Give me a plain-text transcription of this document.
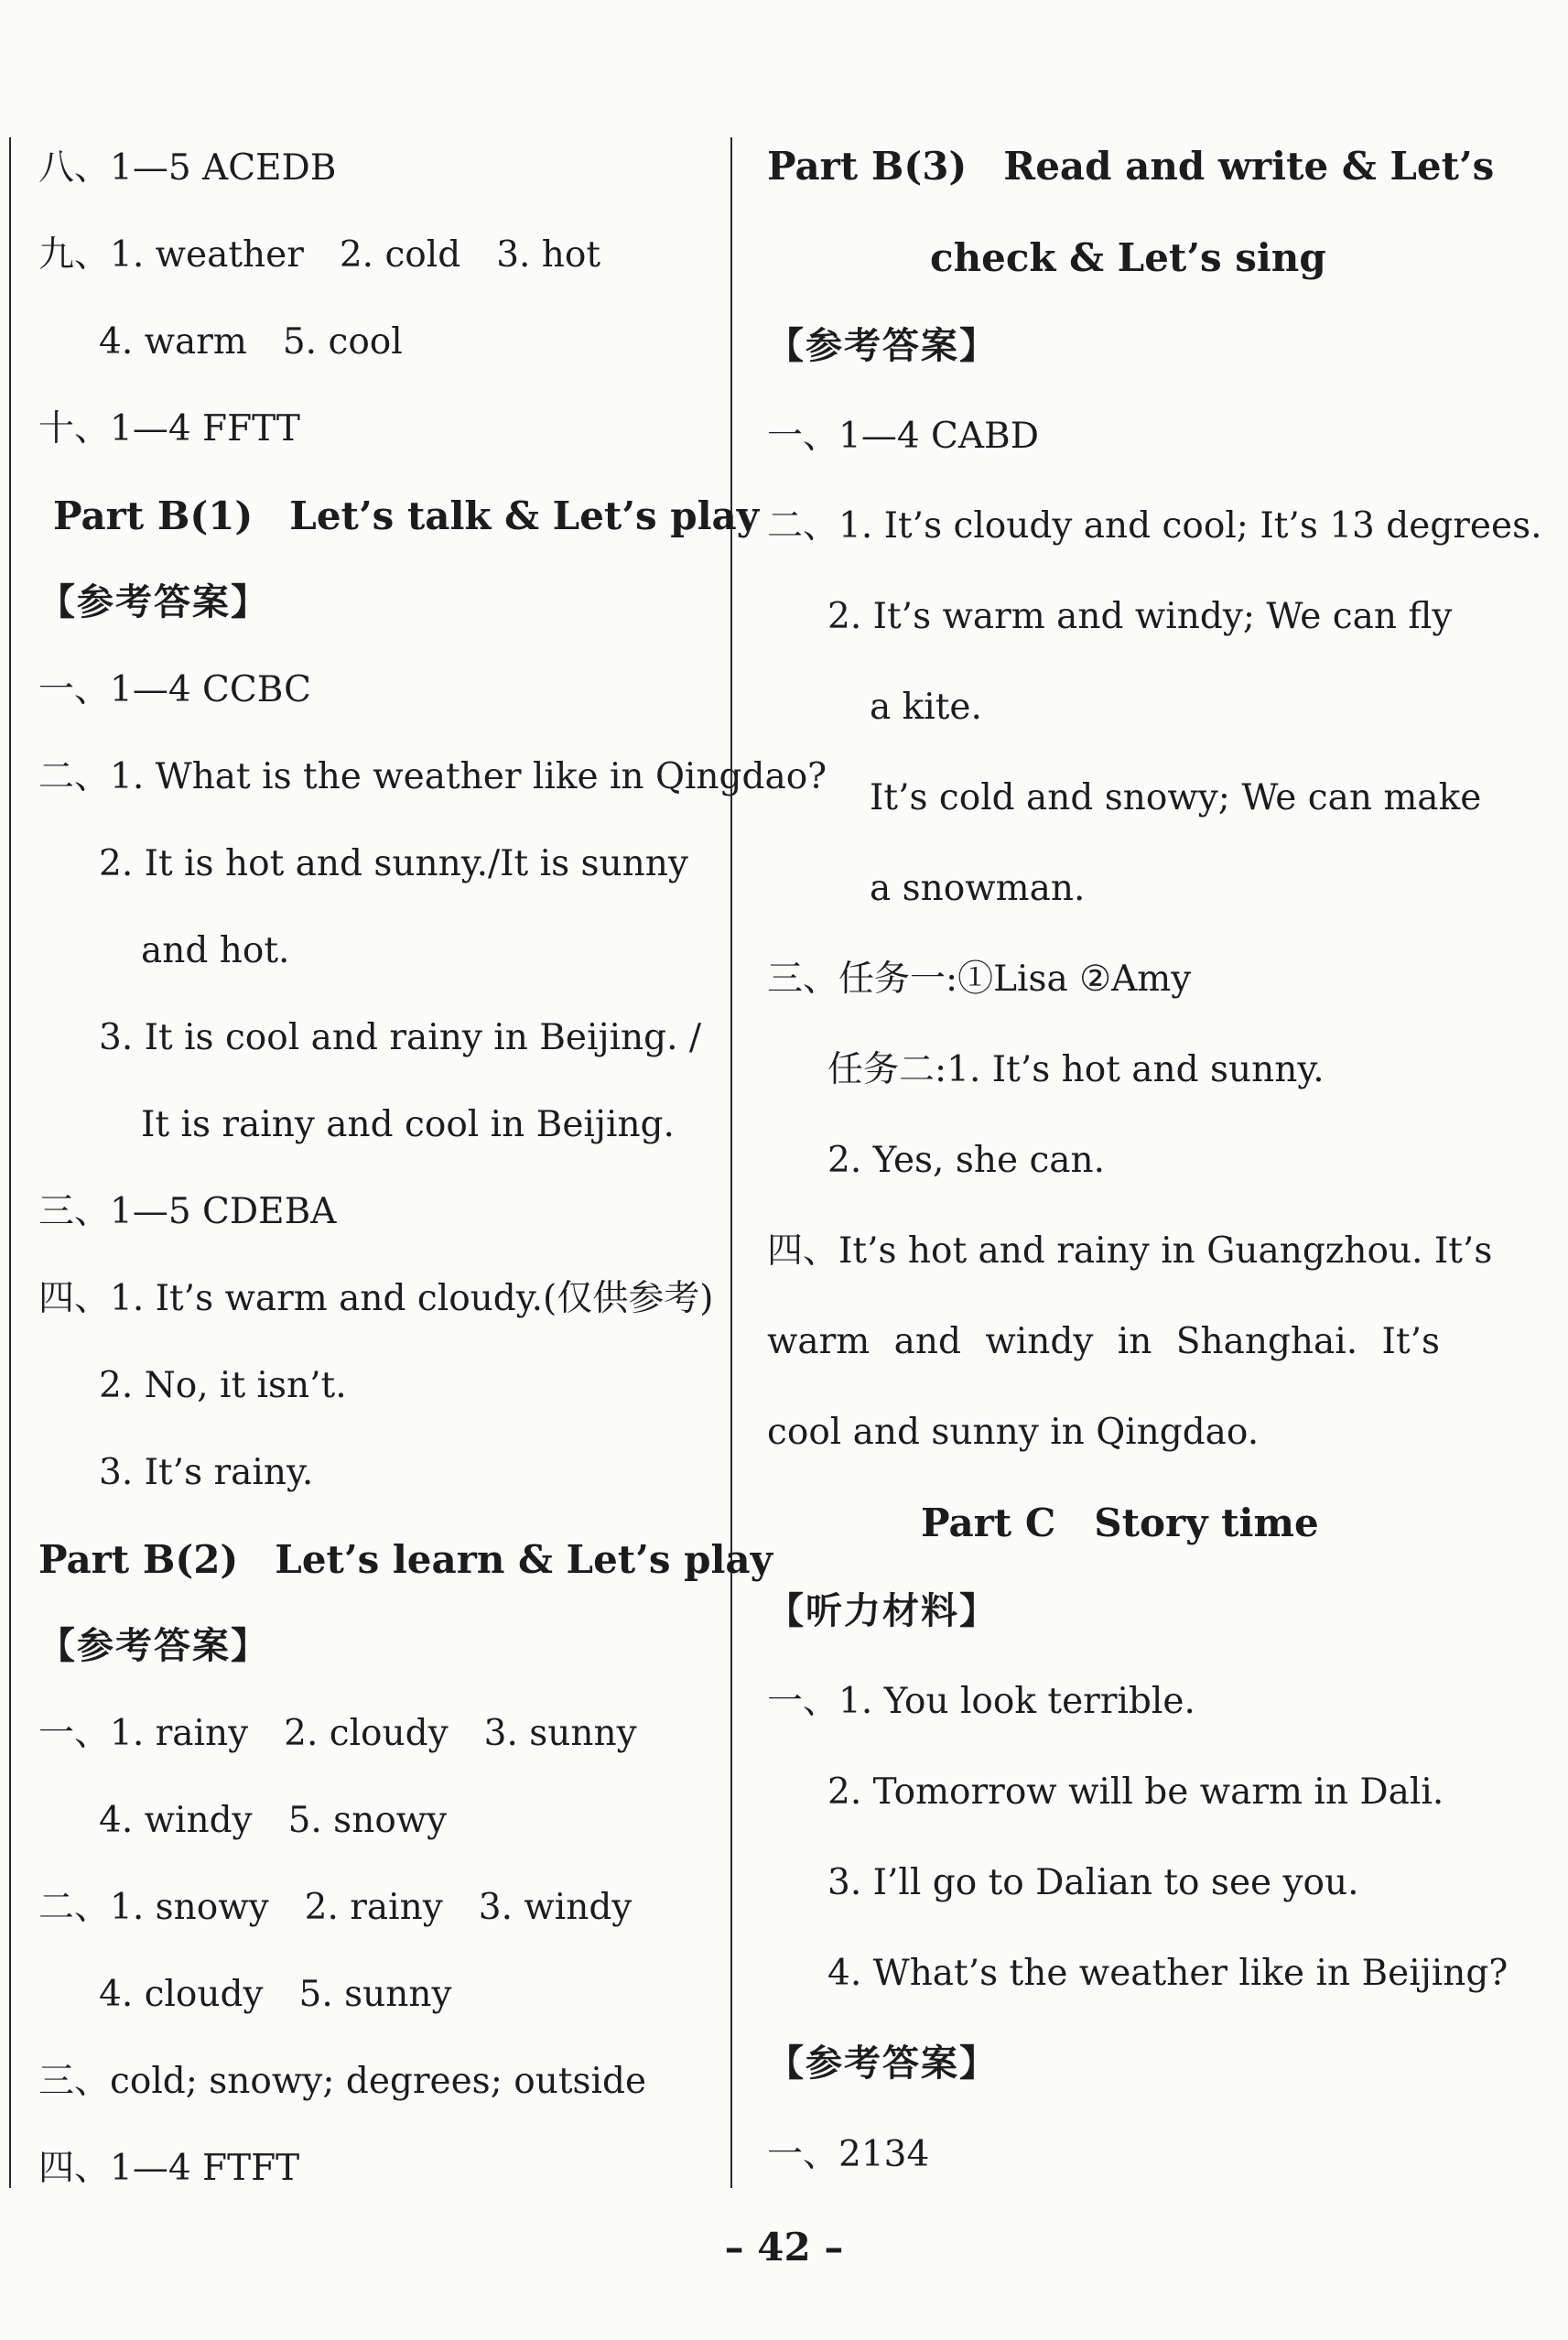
八、1—5 ACEDB
九、1. weather　2. cold　3. hot
4. warm　5. cool
十、1—4 FFTT
Part B(1) Let’s talk & Let’s play
【参考答案】
一、1—4 CCBC
二、1. What is the weather like in Qingdao?
2. It is hot and sunny./It is sunny
and hot.
3. It is cool and rainy in Beijing. /
It is rainy and cool in Beijing.
三、1—5 CDEBA
四、1. It’s warm and cloudy.(仅供参考)
2. No, it isn’t.
3. It’s rainy.
Part B(2) Let’s learn & Let’s play
【参考答案】
一、1. rainy　2. cloudy　3. sunny
4. windy　5. snowy
二、1. snowy　2. rainy　3. windy
4. cloudy　5. sunny
三、cold; snowy; degrees; outside
四、1—4 FTFT
Part B(3) Read and write & Let’s
check & Let’s sing
【参考答案】
一、1—4 CABD
二、1. It’s cloudy and cool; It’s 13 degrees.
2. It’s warm and windy; We can fly
a kite.
It’s cold and snowy; We can make
a snowman.
三、任务一:①Lisa ②Amy
任务二:1. It’s hot and sunny.
2. Yes, she can.
四、It’s hot and rainy in Guangzhou. It’s
warm and windy in Shanghai. It’s
cool and sunny in Qingdao.
Part C　Story time
【听力材料】
一、1. You look terrible.
2. Tomorrow will be warm in Dali.
3. I’ll go to Dalian to see you.
4. What’s the weather like in Beijing?
【参考答案】
一、2134
– 42 –
